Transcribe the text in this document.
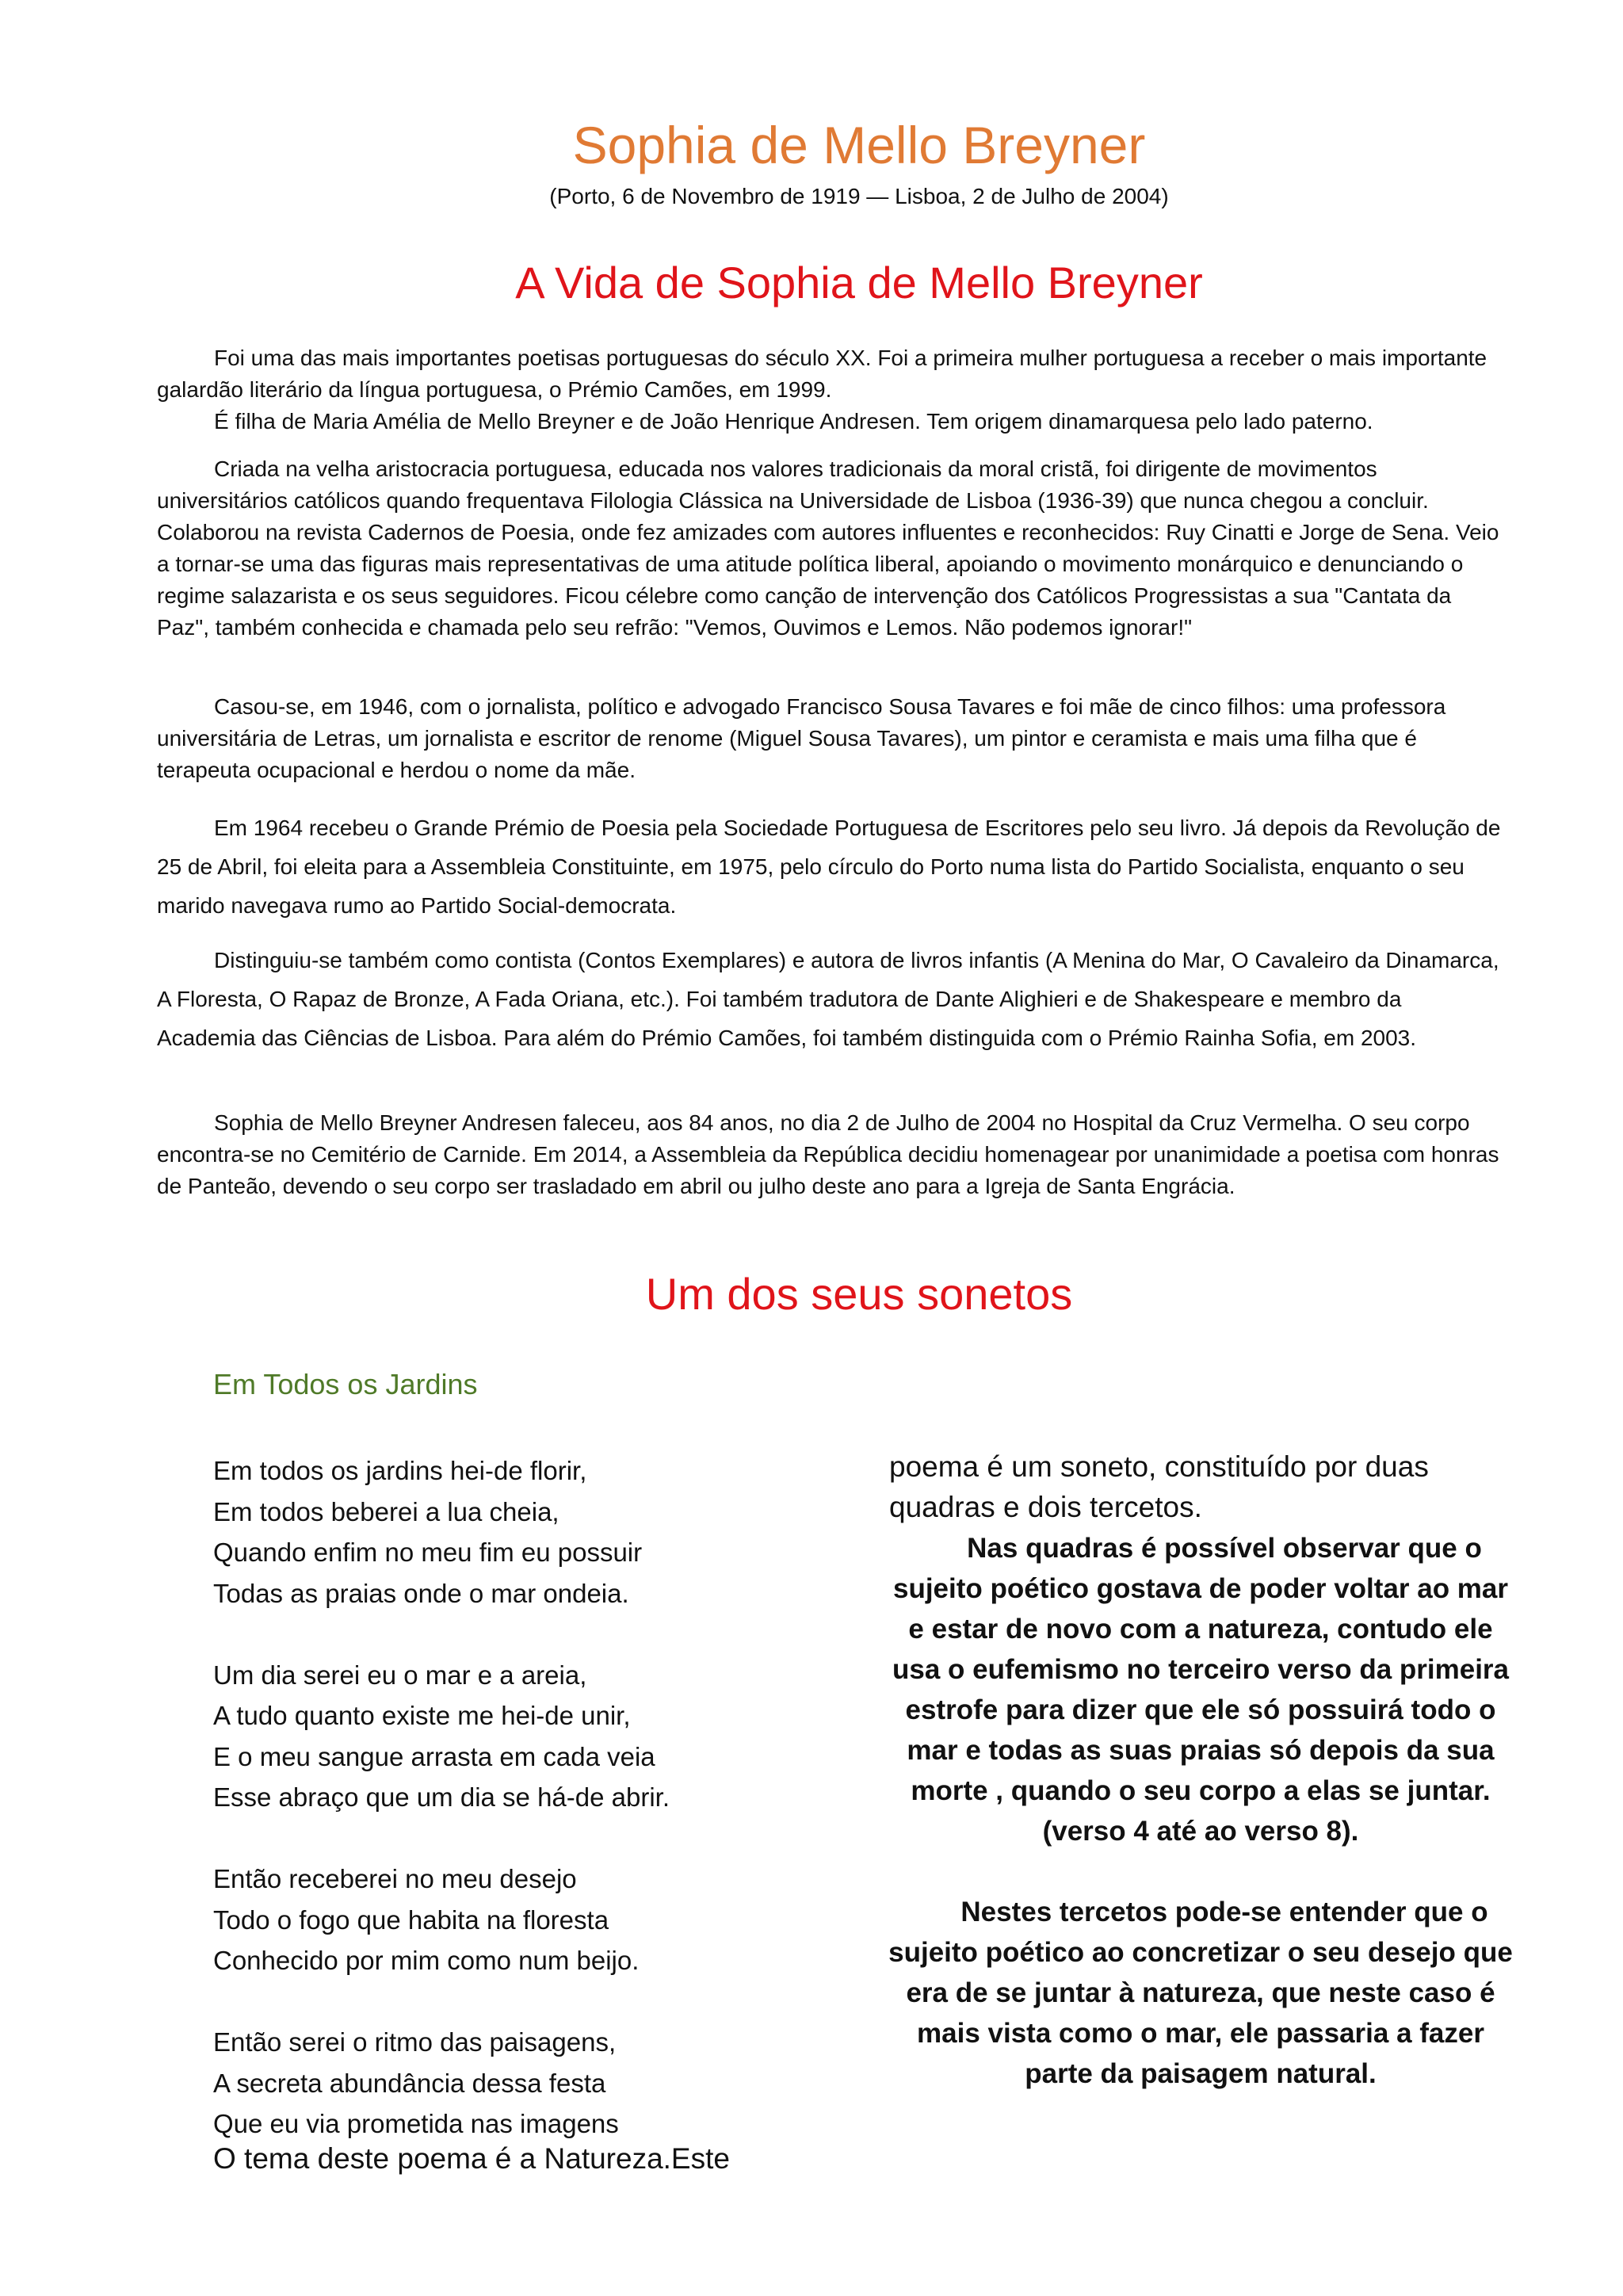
Sophia de Mello Breyner
(Porto, 6 de Novembro de 1919 — Lisboa, 2 de Julho de 2004)
A Vida de Sophia de Mello Breyner

Foi uma das mais importantes poetisas portuguesas do século XX. Foi a primeira mulher portuguesa a receber o mais importante galardão literário da língua portuguesa, o Prémio Camões, em 1999.

É filha de Maria Amélia de Mello Breyner e de João Henrique Andresen. Tem origem dinamarquesa pelo lado paterno.

Criada na velha aristocracia portuguesa, educada nos valores tradicionais da moral cristã, foi dirigente de movimentos universitários católicos quando frequentava Filologia Clássica na Universidade de Lisboa (1936-39) que nunca chegou a concluir. Colaborou na revista Cadernos de Poesia, onde fez amizades com autores influentes e reconhecidos: Ruy Cinatti e Jorge de Sena. Veio a tornar-se uma das figuras mais representativas de uma atitude política liberal, apoiando o movimento monárquico e denunciando o regime salazarista e os seus seguidores. Ficou célebre como canção de intervenção dos Católicos Progressistas a sua "Cantata da Paz", também conhecida e chamada pelo seu refrão: "Vemos, Ouvimos e Lemos. Não podemos ignorar!"

Casou-se, em 1946, com o jornalista, político e advogado Francisco Sousa Tavares e foi mãe de cinco filhos: uma professora universitária de Letras, um jornalista e escritor de renome (Miguel Sousa Tavares), um pintor e ceramista e mais uma filha que é terapeuta ocupacional e herdou o nome da mãe.

Em 1964 recebeu o Grande Prémio de Poesia pela Sociedade Portuguesa de Escritores pelo seu livro. Já depois da Revolução de 25 de Abril, foi eleita para a Assembleia Constituinte, em 1975, pelo círculo do Porto numa lista do Partido Socialista, enquanto o seu marido navegava rumo ao Partido Social-democrata.

Distinguiu-se também como contista (Contos Exemplares) e autora de livros infantis (A Menina do Mar, O Cavaleiro da Dinamarca, A Floresta, O Rapaz de Bronze, A Fada Oriana, etc.). Foi também tradutora de Dante Alighieri e de Shakespeare e membro da Academia das Ciências de Lisboa. Para além do Prémio Camões, foi também distinguida com o Prémio Rainha Sofia, em 2003.

Sophia de Mello Breyner Andresen faleceu, aos 84 anos, no dia 2 de Julho de 2004 no Hospital da Cruz Vermelha. O seu corpo encontra-se no Cemitério de Carnide. Em 2014, a Assembleia da República decidiu homenagear por unanimidade a poetisa com honras de Panteão, devendo o seu corpo ser trasladado em abril ou julho deste ano para a Igreja de Santa Engrácia.

Um dos seus sonetos
Em Todos os Jardins
Em todos os jardins hei-de florir,
Em todos beberei a lua cheia,
Quando enfim no meu fim eu possuir
Todas as praias onde o mar ondeia.
Um dia serei eu o mar e a areia,
A tudo quanto existe me hei-de unir,
E o meu sangue arrasta em cada veia
Esse abraço que um dia se há-de abrir.
Então receberei no meu desejo
Todo o fogo que habita na floresta
Conhecido por mim como num beijo.
Então serei o ritmo das paisagens,
A secreta abundância dessa festa
Que eu via prometida nas imagens
O tema deste poema é a Natureza.Este
poema é um soneto, constituído por duas quadras e dois tercetos.

Nas quadras é possível observar que o sujeito poético gostava de poder voltar ao mar e estar de novo com a natureza, contudo ele usa o eufemismo no terceiro verso da primeira estrofe para dizer que ele só possuirá todo o mar e todas as suas praias só depois da sua morte , quando o seu corpo a elas se juntar. (verso 4 até ao verso 8).

Nestes tercetos pode-se entender que o sujeito poético ao concretizar o seu desejo que era de se juntar à natureza, que neste caso é mais vista como o mar, ele passaria a fazer parte da paisagem natural.
